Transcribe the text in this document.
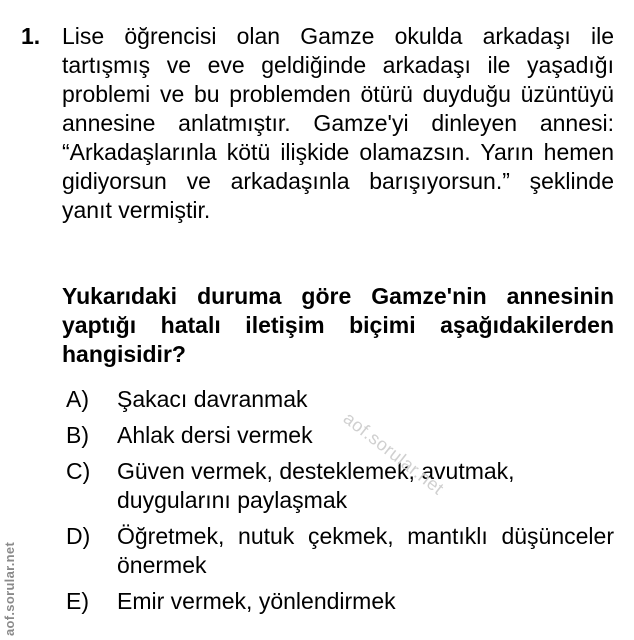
1. Lise öğrencisi olan Gamze okulda arkadaşı ile tartışmış ve eve geldiğinde arkadaşı ile yaşadığı problemi ve bu problemden ötürü duyduğu üzüntüyü annesine anlatmıştır. Gamze'yi dinleyen annesi: “Arkadaşlarınla kötü ilişkide olamazsın. Yarın hemen gidiyorsun ve arkadaşınla barışıyorsun.” şeklinde yanıt vermiştir.

Yukarıdaki duruma göre Gamze'nin annesinin yaptığı hatalı iletişim biçimi aşağıdakilerden hangisidir?

A)	Şakacı davranmak
B)	Ahlak dersi vermek
C)	Güven vermek, desteklemek, avutmak, duygularını paylaşmak
D)	Öğretmek, nutuk çekmek, mantıklı düşünceler önermek
E)	Emir vermek, yönlendirmek
aof.sorular.net
aof.sorular.net
